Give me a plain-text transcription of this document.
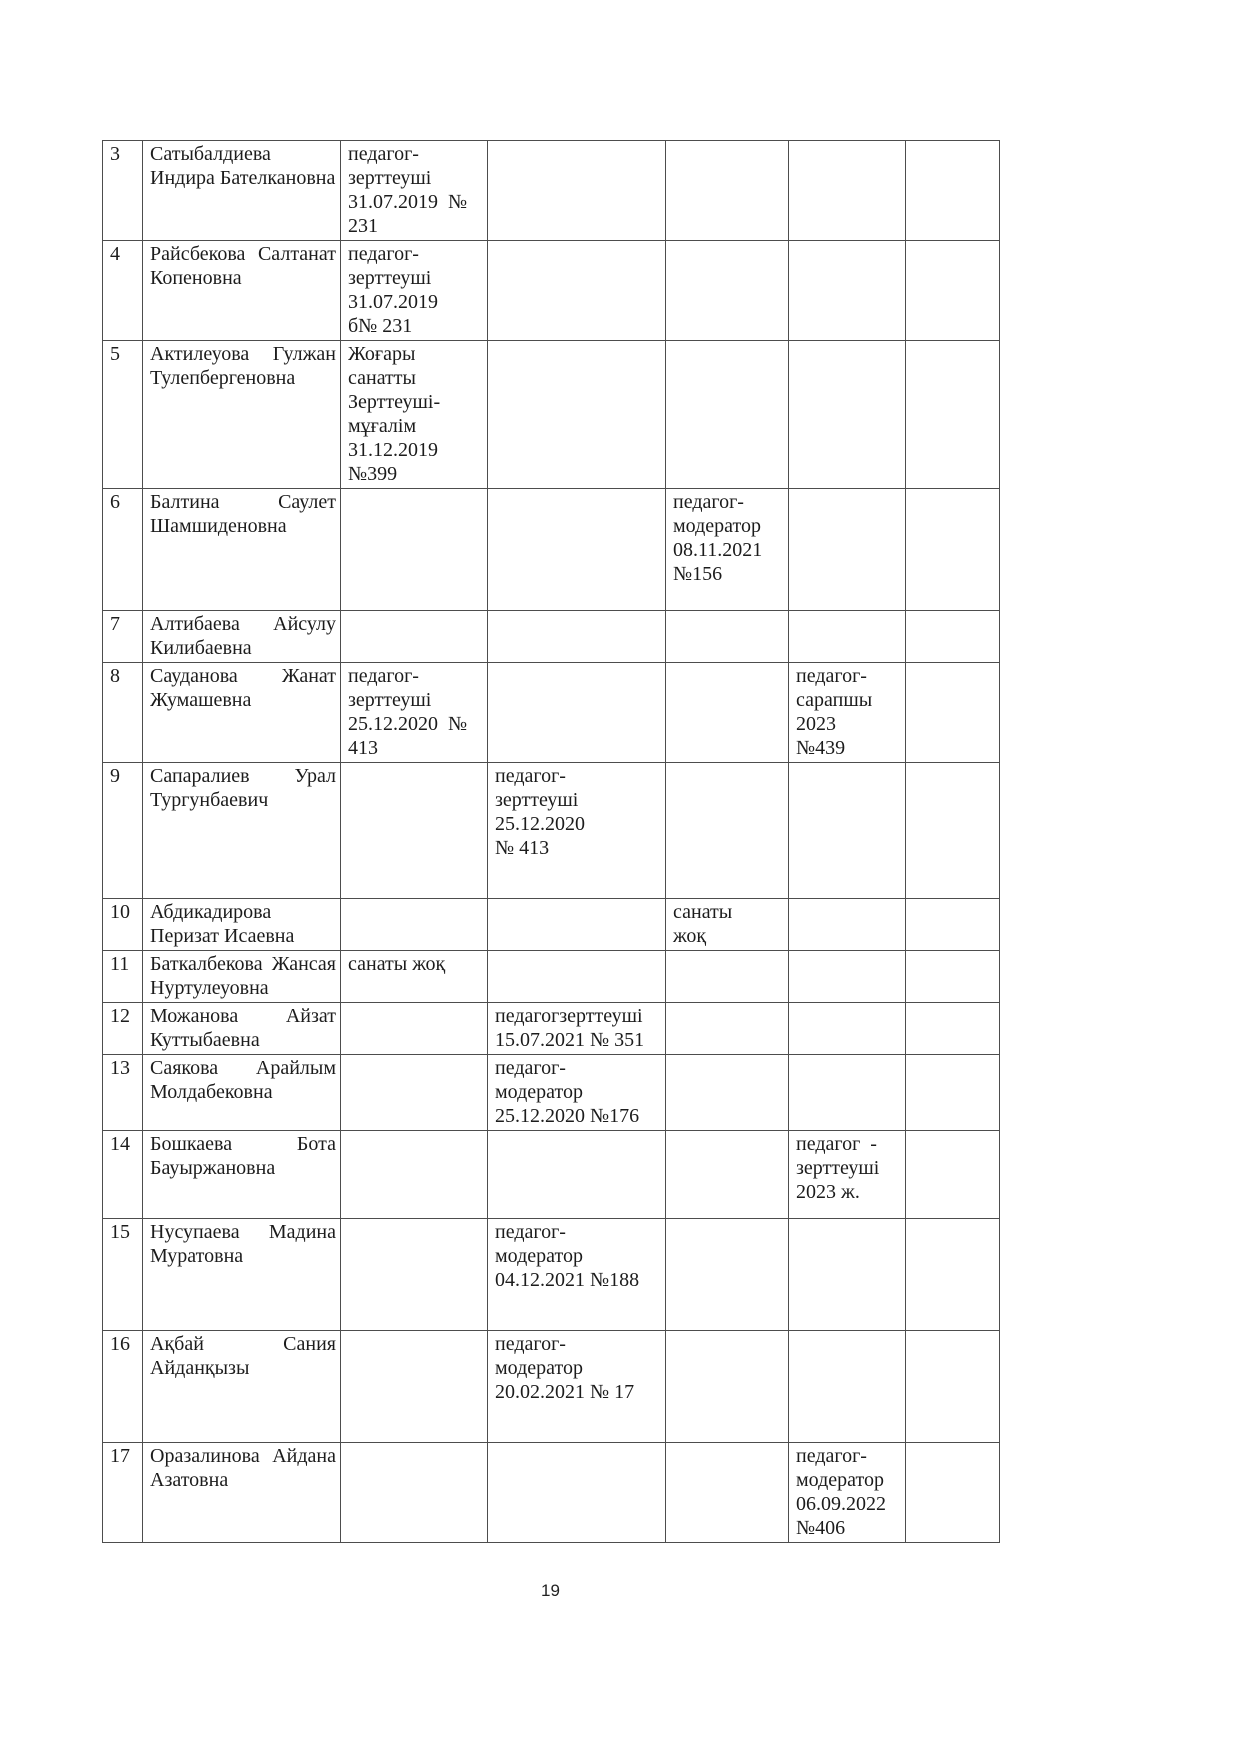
3	Сатыбалдиева Индира Бателкановна	педагог-
зерттеуші
31.07.2019  №
231				
4	Райсбекова Салтанат Копеновна	педагог-
зерттеуші
31.07.2019
б№ 231				
5	Актилеуова Гулжан Тулепбергеновна	Жоғары
санатты
Зерттеуші-
мұғалім
31.12.2019
№399				
6	Балтина Саулет Шамшиденовна			педагог-
модератор
08.11.2021
№156		
7	Алтибаева Айсулу Килибаевна					
8	Сауданова Жанат Жумашевна	педагог-
зерттеуші
25.12.2020  №
413			педагог-
сарапшы
2023
№439	
9	Сапаралиев Урал Тургунбаевич		педагог-
зерттеуші
25.12.2020
№ 413			
10	Абдикадирова Перизат Исаевна			санаты
жоқ		
11	Баткалбекова Жансая Нуртулеуовна	санаты жоқ				
12	Можанова Айзат Куттыбаевна		педагогзерттеуші
15.07.2021 № 351			
13	Саякова Арайлым Молдабековна		педагог-
модератор
25.12.2020 №176			
14	Бошкаева Бота Бауыржановна				педагог  -
зерттеуші
2023 ж.	
15	Нусупаева Мадина Муратовна		педагог-
модератор
04.12.2021 №188			
16	Ақбай Сания Айданқызы		педагог-
модератор
20.02.2021 № 17			
17	Оразалинова Айдана Азатовна				педагог-
модератор
06.09.2022
№406	
19
